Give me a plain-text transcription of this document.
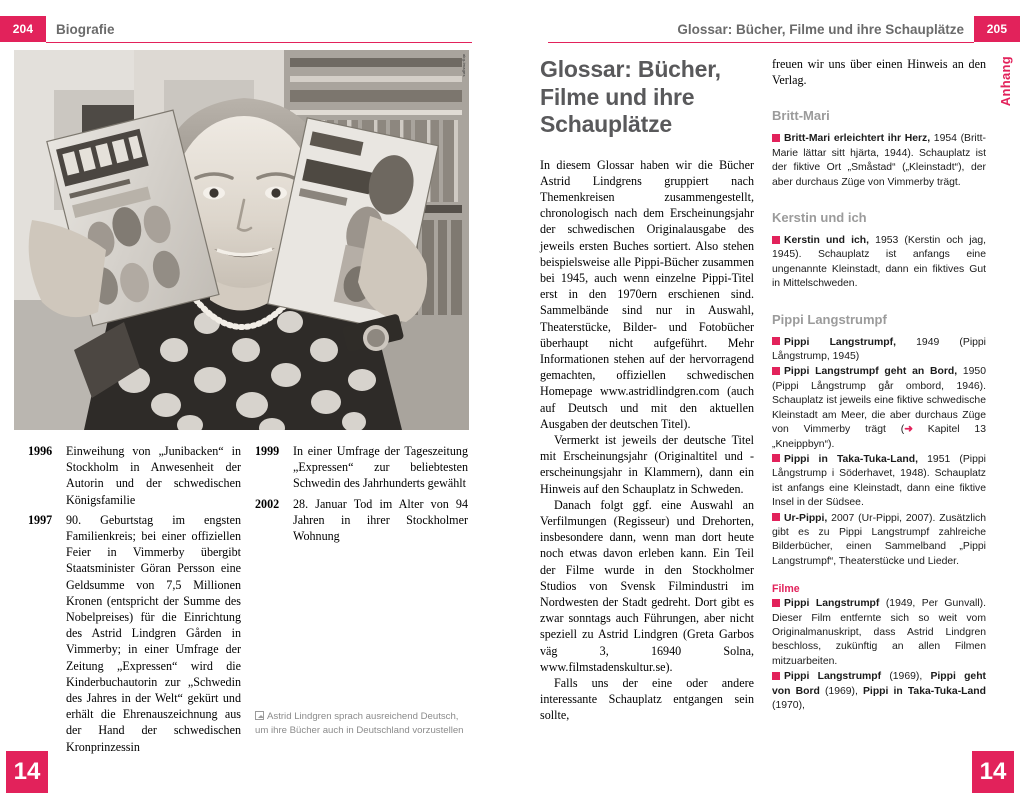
204	Biografie
akg-images
1996	Einweihung von „Junibacken“ in Stockholm in Anwesenheit der Autorin und der schwedischen Königsfamilie
1997	90. Geburtstag im engsten Familienkreis; bei einer offiziellen Feier in Vimmerby übergibt Staatsminister Göran Persson eine Geldsumme von 7,5 Millionen Kronen (entspricht der Summe des Nobelpreises) für die Einrichtung des Astrid Lindgren Gården in Vimmerby; in einer Umfrage der Zeitung „Expressen“ wird die Kinderbuchautorin zur „Schwedin des Jahres in der Welt“ gekürt und erhält die Ehrenauszeichnung aus der Hand der schwedischen Kronprinzessin
1999	In einer Umfrage der Tageszeitung „Expressen“ zur beliebtesten Schwedin des Jahrhunderts gewählt
2002	28. Januar Tod im Alter von 94 Jahren in ihrer Stockholmer Wohnung
Astrid Lindgren sprach ausreichend Deutsch, um ihre Bücher auch in Deutschland vorzustellen
14
205
Glossar: Bücher, Filme und ihre Schauplätze
Anhang
Glossar: Bücher, Filme und ihre Schauplätze
In diesem Glossar haben wir die Bücher Astrid Lindgrens gruppiert nach Themenkreisen zusammengestellt, chronologisch nach dem Erscheinungsjahr der schwedischen Originalausgabe des jeweils ersten Buches sortiert. Also stehen beispielsweise alle Pippi-Bücher zusammen bei 1945, auch wenn einzelne Pippi-Titel erst in den 1970ern erschienen sind. Sammelbände sind nur in Auswahl, Theaterstücke, Bilder- und Fotobücher überhaupt nicht aufgeführt. Mehr Informationen stehen auf der hervorragend gemachten, offiziellen schwedischen Homepage www.astridlindgren.com (auch auf Deutsch und mit den aktuellen Ausgaben der deutschen Titel).
Vermerkt ist jeweils der deutsche Titel mit Erscheinungsjahr (Originaltitel und -erscheinungsjahr in Klammern), dann ein Hinweis auf den Schauplatz in Schweden.
Danach folgt ggf. eine Auswahl an Verfilmungen (Regisseur) und Drehorten, insbesondere dann, wenn man dort heute noch etwas davon erleben kann. Ein Teil der Filme wurde in den Stockholmer Studios von Svensk Filmindustri im Nordwesten der Stadt gedreht. Dort gibt es zwar sonntags auch Führungen, aber nicht speziell zu Astrid Lindgren (Greta Garbos väg 3, 16940 Solna, www.filmstadenskultur.se).
Falls uns der eine oder andere interessante Schauplatz entgangen sein sollte,
freuen wir uns über einen Hinweis an den Verlag.
Britt-Mari
Britt-Mari erleichtert ihr Herz, 1954 (Britt-Marie lättar sitt hjärta, 1944). Schauplatz ist der fiktive Ort „Småstad“ („Kleinstadt“), der aber durchaus Züge von Vimmerby trägt.
Kerstin und ich
Kerstin und ich, 1953 (Kerstin och jag, 1945). Schauplatz ist anfangs eine ungenannte Kleinstadt, dann ein fiktives Gut in Mittelschweden.
Pippi Langstrumpf
Pippi Langstrumpf, 1949 (Pippi Långstrump, 1945)
Pippi Langstrumpf geht an Bord, 1950 (Pippi Långstrump går ombord, 1946). Schauplatz ist jeweils eine fiktive schwedische Kleinstadt am Meer, die aber durchaus Züge von Vimmerby trägt (➜ Kapitel 13 „Kneippbyn“).
Pippi in Taka-Tuka-Land, 1951 (Pippi Långstrump i Söderhavet, 1948). Schauplatz ist anfangs eine Kleinstadt, dann eine fiktive Insel in der Südsee.
Ur-Pippi, 2007 (Ur-Pippi, 2007). Zusätzlich gibt es zu Pippi Langstrumpf zahlreiche Bilderbücher, einen Sammelband „Pippi Langstrumpf“, Theaterstücke und Lieder.
Filme
Pippi Langstrumpf (1949, Per Gunvall). Dieser Film entfernte sich so weit vom Originalmanuskript, dass Astrid Lindgren beschloss, zukünftig an allen Filmen mitzuarbeiten.
Pippi Langstrumpf (1969), Pippi geht von Bord (1969), Pippi in Taka-Tuka-Land (1970),
14
